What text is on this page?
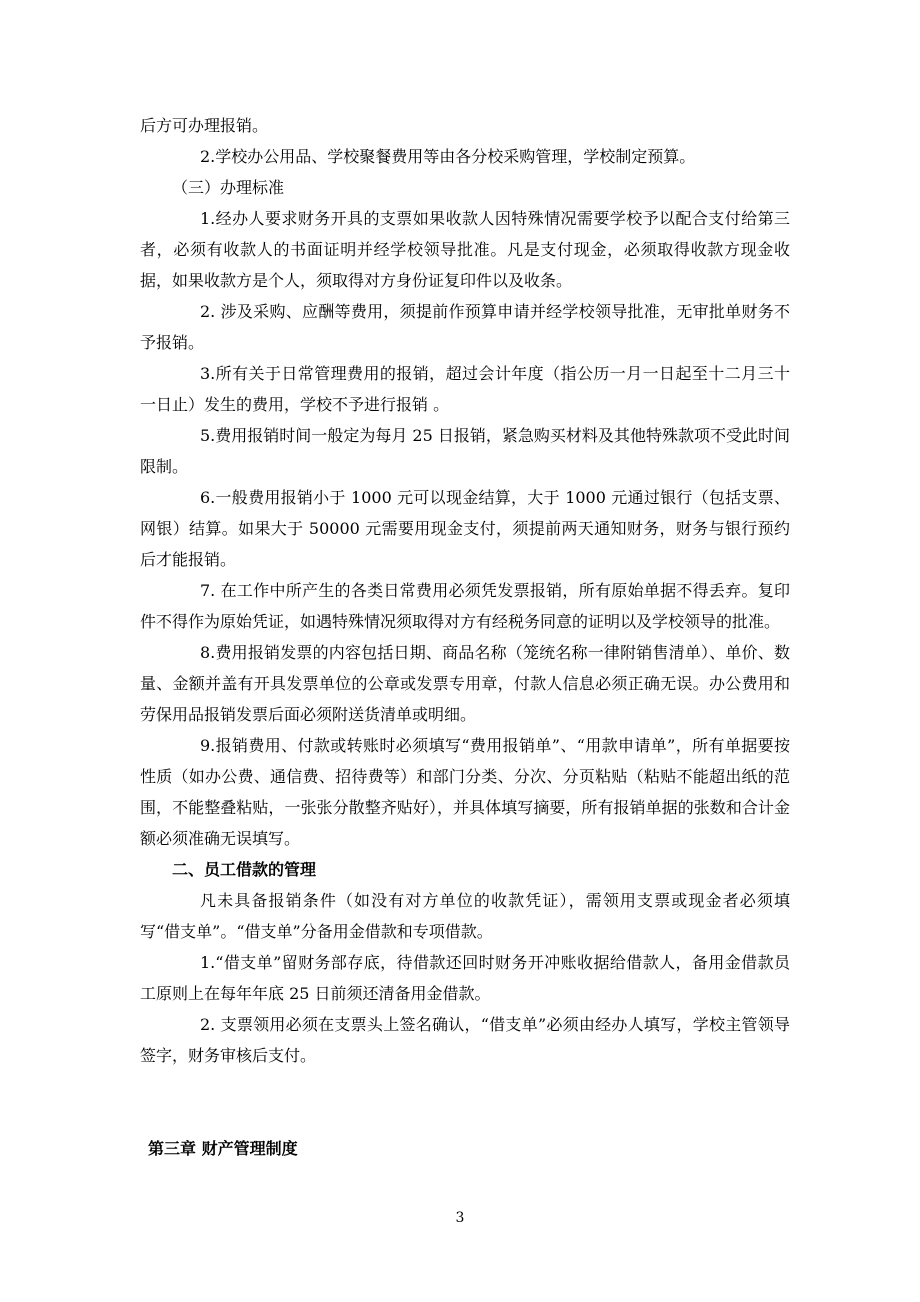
后方可办理报销。

2.学校办公用品、学校聚餐费用等由各分校采购管理，学校制定预算。

（三）办理标准

1.经办人要求财务开具的支票如果收款人因特殊情况需要学校予以配合支付给第三者，必须有收款人的书面证明并经学校领导批准。凡是支付现金，必须取得收款方现金收据，如果收款方是个人，须取得对方身份证复印件以及收条。

2. 涉及采购、应酬等费用，须提前作预算申请并经学校领导批准，无审批单财务不予报销。

3.所有关于日常管理费用的报销，超过会计年度（指公历一月一日起至十二月三十一日止）发生的费用，学校不予进行报销 。

5.费用报销时间一般定为每月 25 日报销，紧急购买材料及其他特殊款项不受此时间限制。

6.一般费用报销小于 1000 元可以现金结算，大于 1000 元通过银行（包括支票、网银）结算。如果大于 50000 元需要用现金支付，须提前两天通知财务，财务与银行预约后才能报销。

7. 在工作中所产生的各类日常费用必须凭发票报销，所有原始单据不得丢弃。复印件不得作为原始凭证，如遇特殊情况须取得对方有经税务同意的证明以及学校领导的批准。

8.费用报销发票的内容包括日期、商品名称（笼统名称一律附销售清单）、单价、数量、金额并盖有开具发票单位的公章或发票专用章，付款人信息必须正确无误。办公费用和劳保用品报销发票后面必须附送货清单或明细。

9.报销费用、付款或转账时必须填写“费用报销单”、“用款申请单”，所有单据要按性质（如办公费、通信费、招待费等）和部门分类、分次、分页粘贴（粘贴不能超出纸的范围，不能整叠粘贴，一张张分散整齐贴好），并具体填写摘要，所有报销单据的张数和合计金额必须准确无误填写。

二、员工借款的管理

凡未具备报销条件（如没有对方单位的收款凭证），需领用支票或现金者必须填写“借支单”。“借支单”分备用金借款和专项借款。

1.“借支单”留财务部存底，待借款还回时财务开冲账收据给借款人，备用金借款员工原则上在每年年底 25 日前须还清备用金借款。

2. 支票领用必须在支票头上签名确认，“借支单”必须由经办人填写，学校主管领导签字，财务审核后支付。

第三章 财产管理制度
3
